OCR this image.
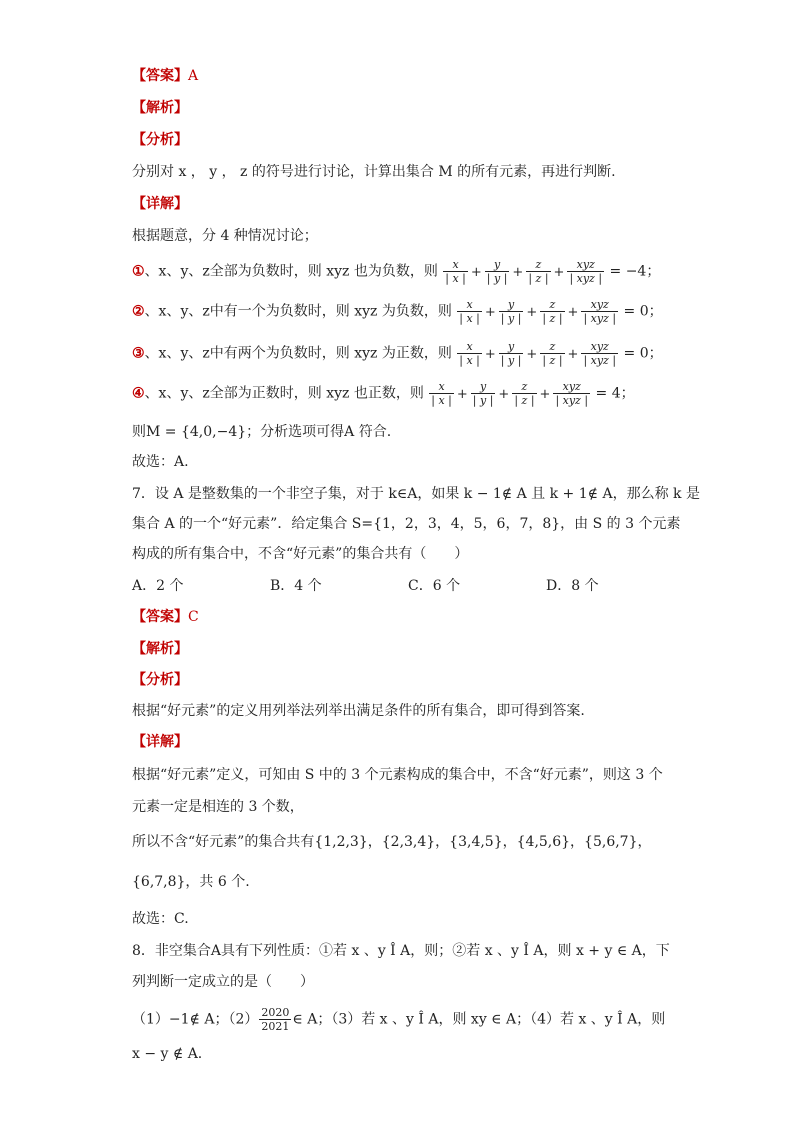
【答案】A
【解析】
【分析】
分别对 x ， y ， z 的符号进行讨论，计算出集合 M 的所有元素，再进行判断.
【详解】
根据题意，分 4 种情况讨论；
①、x、y、z全部为负数时，则 xyz 也为负数，则 $\frac{x}{| x |} + \frac{y}{| y |} + \frac{z}{| z |} + \frac{\text{xyz}}{\text{| xyz |}} = -4$；
②、x、y、z中有一个为负数时，则 xyz 为负数，则 $\frac{x}{| x |} + \frac{y}{| y |} + \frac{z}{| z |} + \frac{\text{xyz}}{\text{| xyz |}} = 0$；
③、x、y、z中有两个为负数时，则 xyz 为正数，则 $\frac{x}{| x |} + \frac{y}{| y |} + \frac{z}{| z |} + \frac{\text{xyz}}{\text{| xyz |}} = 0$；
④、x、y、z全部为正数时，则 xyz 也正数，则 $\frac{x}{| x |} + \frac{y}{| y |} + \frac{z}{| z |} + \frac{\text{xyz}}{\text{| xyz |}} = 4$；
则M = {4,0,−4}；分析选项可得A 符合.
故选：A.
7．设 A 是整数集的一个非空子集，对于 k∈A，如果 k − 1∉ A 且 k + 1∉ A，那么称 k 是
集合 A 的一个“好元素”．给定集合 S={1，2，3，4，5，6，7，8}，由 S 的 3 个元素
构成的所有集合中，不含“好元素”的集合共有（　　）
A．2 个	B．4 个	C．6 个	D．8 个
【答案】C
【解析】
【分析】
根据“好元素”的定义用列举法列举出满足条件的所有集合，即可得到答案.
【详解】
根据“好元素”定义，可知由 S 中的 3 个元素构成的集合中，不含“好元素”，则这 3 个
元素一定是相连的 3 个数，
所以不含“好元素”的集合共有{1,2,3}，{2,3,4}，{3,4,5}，{4,5,6}，{5,6,7}，
{6,7,8}，共 6 个.
故选：C.
8．非空集合A具有下列性质：①若 x 、y Î A，则；②若 x 、y Î A，则 x + y ∈ A，下
列判断一定成立的是（　　）
（1）−1∉ A；$(2) \frac{2020}{2021}$ ∈ A；（3）若 x 、y Î A，则 xy ∈ A；（4）若 x 、y Î A，则
x − y ∉ A.
